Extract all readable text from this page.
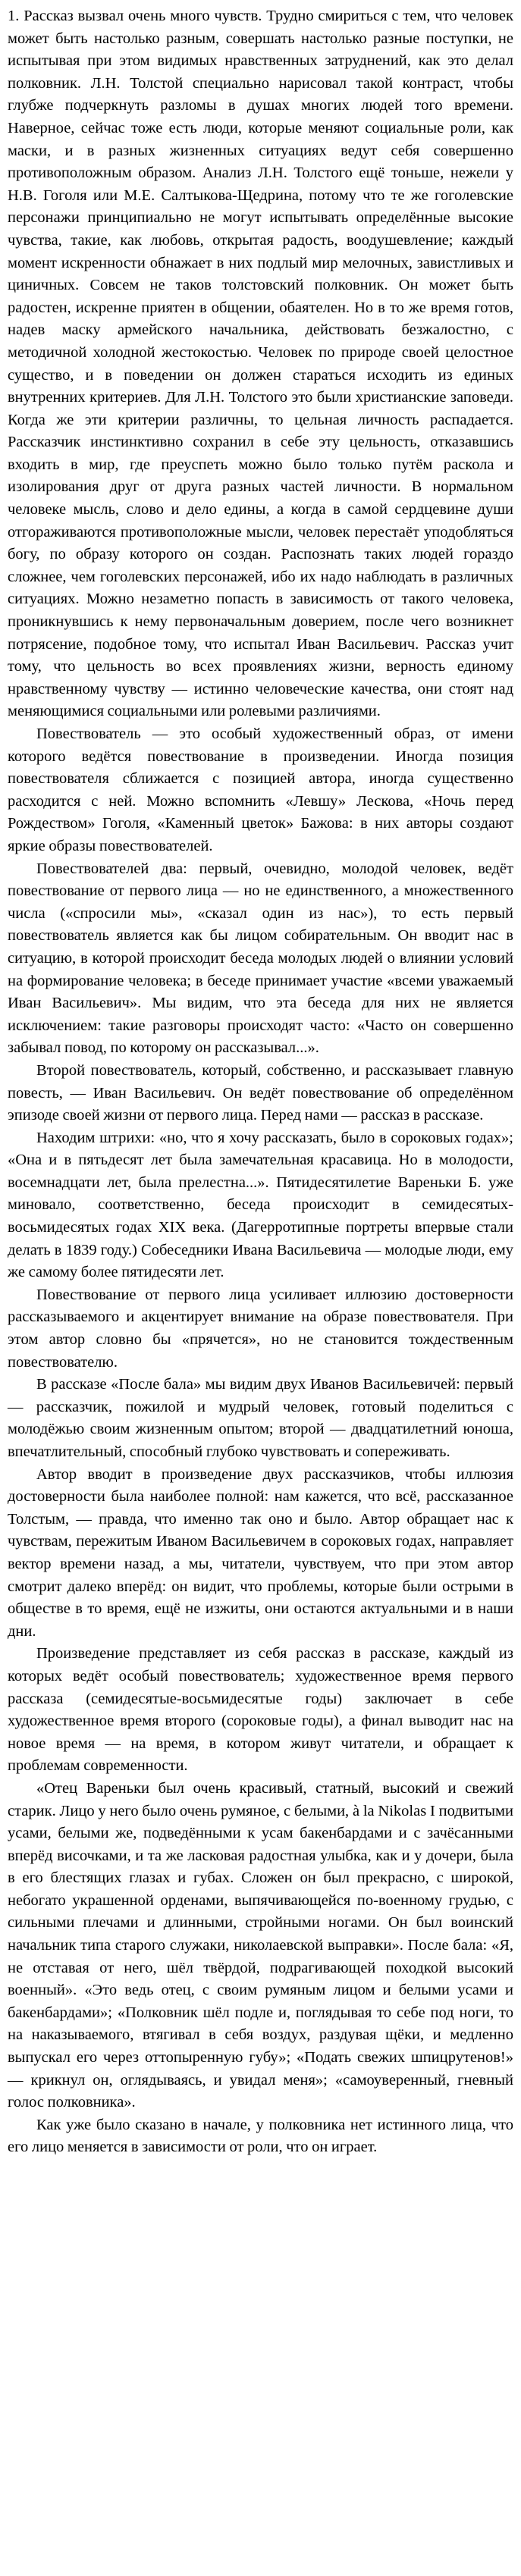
1. Рассказ вызвал очень много чувств. Трудно смириться с тем, что человек может быть настолько разным, совершать настолько разные поступки, не испытывая при этом видимых нравственных затруднений, как это делал полковник. Л.Н. Толстой специально нарисовал такой контраст, чтобы глубже подчеркнуть разломы в душах многих людей того времени. Наверное, сейчас тоже есть люди, которые меняют социальные роли, как маски, и в разных жизненных ситуациях ведут себя совершенно противоположным образом. Анализ Л.Н. Толстого ещё тоньше, нежели у Н.В. Гоголя или М.Е. Салтыкова-Щедрина, потому что те же гоголевские персонажи принципиально не могут испытывать определённые высокие чувства, такие, как любовь, открытая радость, воодушевление; каждый момент искренности обнажает в них подлый мир мелочных, завистливых и циничных. Совсем не таков толстовский полковник. Он может быть радостен, искренне приятен в общении, обаятелен. Но в то же время готов, надев маску армейского начальника, действовать безжалостно, с методичной холодной жестокостью. Человек по природе своей целостное существо, и в поведении он должен стараться исходить из единых внутренних критериев. Для Л.Н. Толстого это были христианские заповеди. Когда же эти критерии различны, то цельная личность распадается. Рассказчик инстинктивно сохранил в себе эту цельность, отказавшись входить в мир, где преуспеть можно было только путём раскола и изолирования друг от друга разных частей личности. В нормальном человеке мысль, слово и дело едины, а когда в самой сердцевине души отгораживаются противоположные мысли, человек перестаёт уподобляться богу, по образу которого он создан. Распознать таких людей гораздо сложнее, чем гоголевских персонажей, ибо их надо наблюдать в различных ситуациях. Можно незаметно попасть в зависимость от такого человека, проникнувшись к нему первоначальным доверием, после чего возникнет потрясение, подобное тому, что испытал Иван Васильевич. Рассказ учит тому, что цельность во всех проявлениях жизни, верность единому нравственному чувству — истинно человеческие качества, они стоят над меняющимися социальными или ролевыми различиями.

Повествователь — это особый художественный образ, от имени которого ведётся повествование в произведении. Иногда позиция повествователя сближается с позицией автора, иногда существенно расходится с ней. Можно вспомнить «Левшу» Лескова, «Ночь перед Рождеством» Гоголя, «Каменный цветок» Бажова: в них авторы создают яркие образы повествователей.

Повествователей два: первый, очевидно, молодой человек, ведёт повествование от первого лица — но не единственного, а множественного числа («спросили мы», «сказал один из нас»), то есть первый повествователь является как бы лицом собирательным. Он вводит нас в ситуацию, в которой происходит беседа молодых людей о влиянии условий на формирование человека; в беседе принимает участие «всеми уважаемый Иван Васильевич». Мы видим, что эта беседа для них не является исключением: такие разговоры происходят часто: «Часто он совершенно забывал повод, по которому он рассказывал...».

Второй повествователь, который, собственно, и рассказывает главную повесть, — Иван Васильевич. Он ведёт повествование об определённом эпизоде своей жизни от первого лица. Перед нами — рассказ в рассказе.

Находим штрихи: «но, что я хочу рассказать, было в сороковых годах»; «Она и в пятьдесят лет была замечательная красавица. Но в молодости, восемнадцати лет, была прелестна...». Пятидесятилетие Вареньки Б. уже миновало, соответственно, беседа происходит в семидесятых-восьмидесятых годах XIX века. (Дагерротипные портреты впервые стали делать в 1839 году.) Собеседники Ивана Васильевича — молодые люди, ему же самому более пятидесяти лет.

Повествование от первого лица усиливает иллюзию достоверности рассказываемого и акцентирует внимание на образе повествователя. При этом автор словно бы «прячется», но не становится тождественным повествователю.

В рассказе «После бала» мы видим двух Иванов Васильевичей: первый — рассказчик, пожилой и мудрый человек, готовый поделиться с молодёжью своим жизненным опытом; второй — двадцатилетний юноша, впечатлительный, способный глубоко чувствовать и сопереживать.

Автор вводит в произведение двух рассказчиков, чтобы иллюзия достоверности была наиболее полной: нам кажется, что всё, рассказанное Толстым, — правда, что именно так оно и было. Автор обращает нас к чувствам, пережитым Иваном Васильевичем в сороковых годах, направляет вектор времени назад, а мы, читатели, чувствуем, что при этом автор смотрит далеко вперёд: он видит, что проблемы, которые были острыми в обществе в то время, ещё не изжиты, они остаются актуальными и в наши дни.

Произведение представляет из себя рассказ в рассказе, каждый из которых ведёт особый повествователь; художественное время первого рассказа (семидесятые-восьмидесятые годы) заключает в себе художественное время второго (сороковые годы), а финал выводит нас на новое время — на время, в котором живут читатели, и обращает к проблемам современности.

«Отец Вареньки был очень красивый, статный, высокий и свежий старик. Лицо у него было очень румяное, с белыми, à la Nikolas I подвитыми усами, белыми же, подведёнными к усам бакенбардами и с зачёсанными вперёд височками, и та же ласковая радостная улыбка, как и у дочери, была в его блестящих глазах и губах. Сложен он был прекрасно, с широкой, небогато украшенной орденами, выпячивающейся по-военному грудью, с сильными плечами и длинными, стройными ногами. Он был воинский начальник типа старого служаки, николаевской выправки». После бала: «Я, не отставая от него, шёл твёрдой, подрагивающей походкой высокий военный». «Это ведь отец, с своим румяным лицом и белыми усами и бакенбардами»; «Полковник шёл подле и, поглядывая то себе под ноги, то на наказываемого, втягивал в себя воздух, раздувая щёки, и медленно выпускал его через оттопыренную губу»; «Подать свежих шпицрутенов!» — крикнул он, оглядываясь, и увидал меня»; «самоуверенный, гневный голос полковника».

Как уже было сказано в начале, у полковника нет истинного лица, что его лицо меняется в зависимости от роли, что он играет.
